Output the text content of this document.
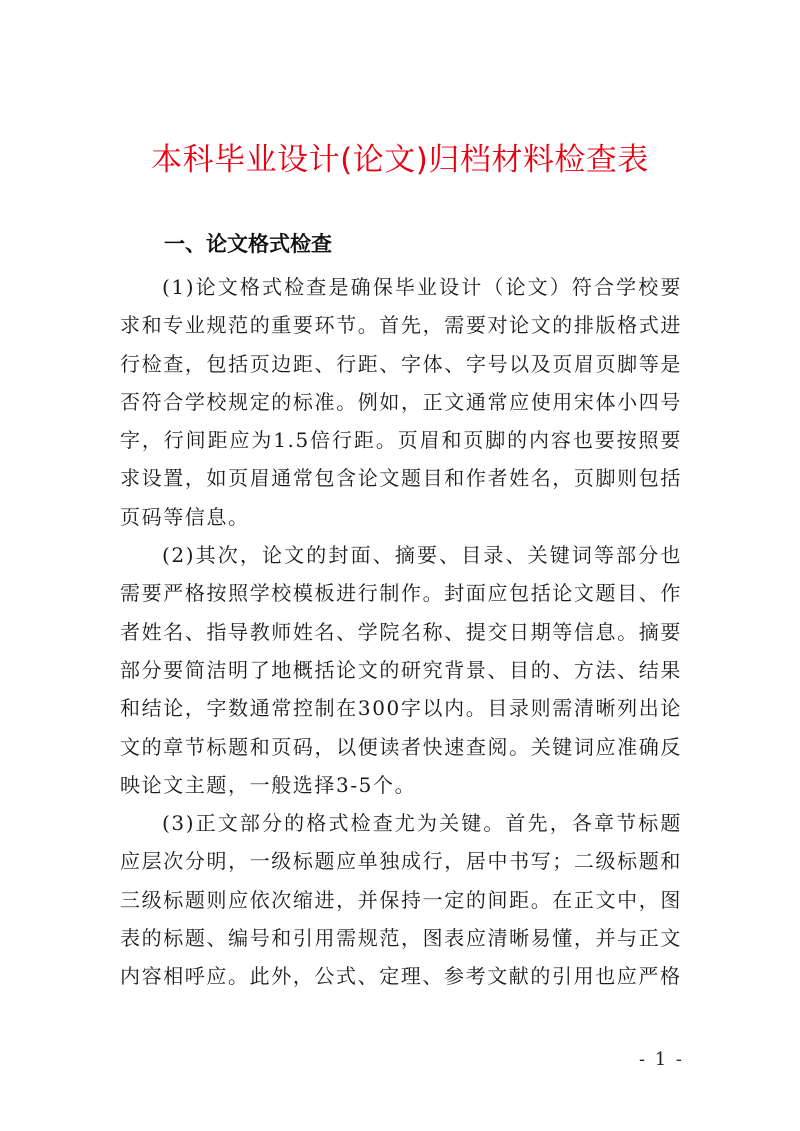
本科毕业设计(论文)归档材料检查表
一、论文格式检查

(1)论文格式检查是确保毕业设计（论文）符合学校要求和专业规范的重要环节。首先，需要对论文的排版格式进行检查，包括页边距、行距、字体、字号以及页眉页脚等是否符合学校规定的标准。例如，正文通常应使用宋体小四号字，行间距应为1.5倍行距。页眉和页脚的内容也要按照要求设置，如页眉通常包含论文题目和作者姓名，页脚则包括页码等信息。

(2)其次，论文的封面、摘要、目录、关键词等部分也需要严格按照学校模板进行制作。封面应包括论文题目、作者姓名、指导教师姓名、学院名称、提交日期等信息。摘要部分要简洁明了地概括论文的研究背景、目的、方法、结果和结论，字数通常控制在300字以内。目录则需清晰列出论文的章节标题和页码，以便读者快速查阅。关键词应准确反映论文主题，一般选择3-5个。

(3)正文部分的格式检查尤为关键。首先，各章节标题应层次分明，一级标题应单独成行，居中书写；二级标题和三级标题则应依次缩进，并保持一定的间距。在正文中，图表的标题、编号和引用需规范，图表应清晰易懂，并与正文内容相呼应。此外，公式、定理、参考文献的引用也应严格

- 1 -
